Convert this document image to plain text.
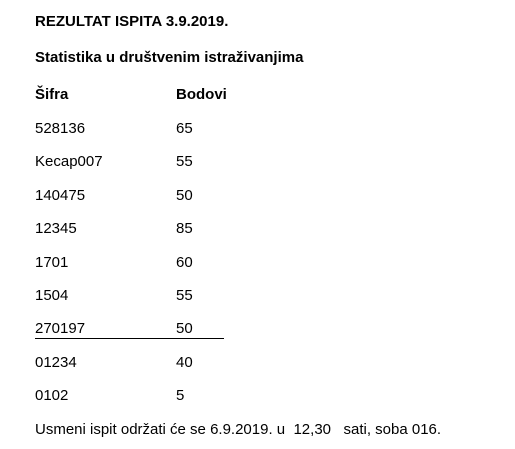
REZULTAT ISPITA 3.9.2019.
Statistika u društvenim istraživanjima
Šifra	Bodovi
528136	65
Kecap007	55
140475	50
12345	85
1701	60
1504	55
270197	50
01234	40
0102	5
Usmeni ispit održati će se 6.9.2019. u  12,30   sati, soba 016.
